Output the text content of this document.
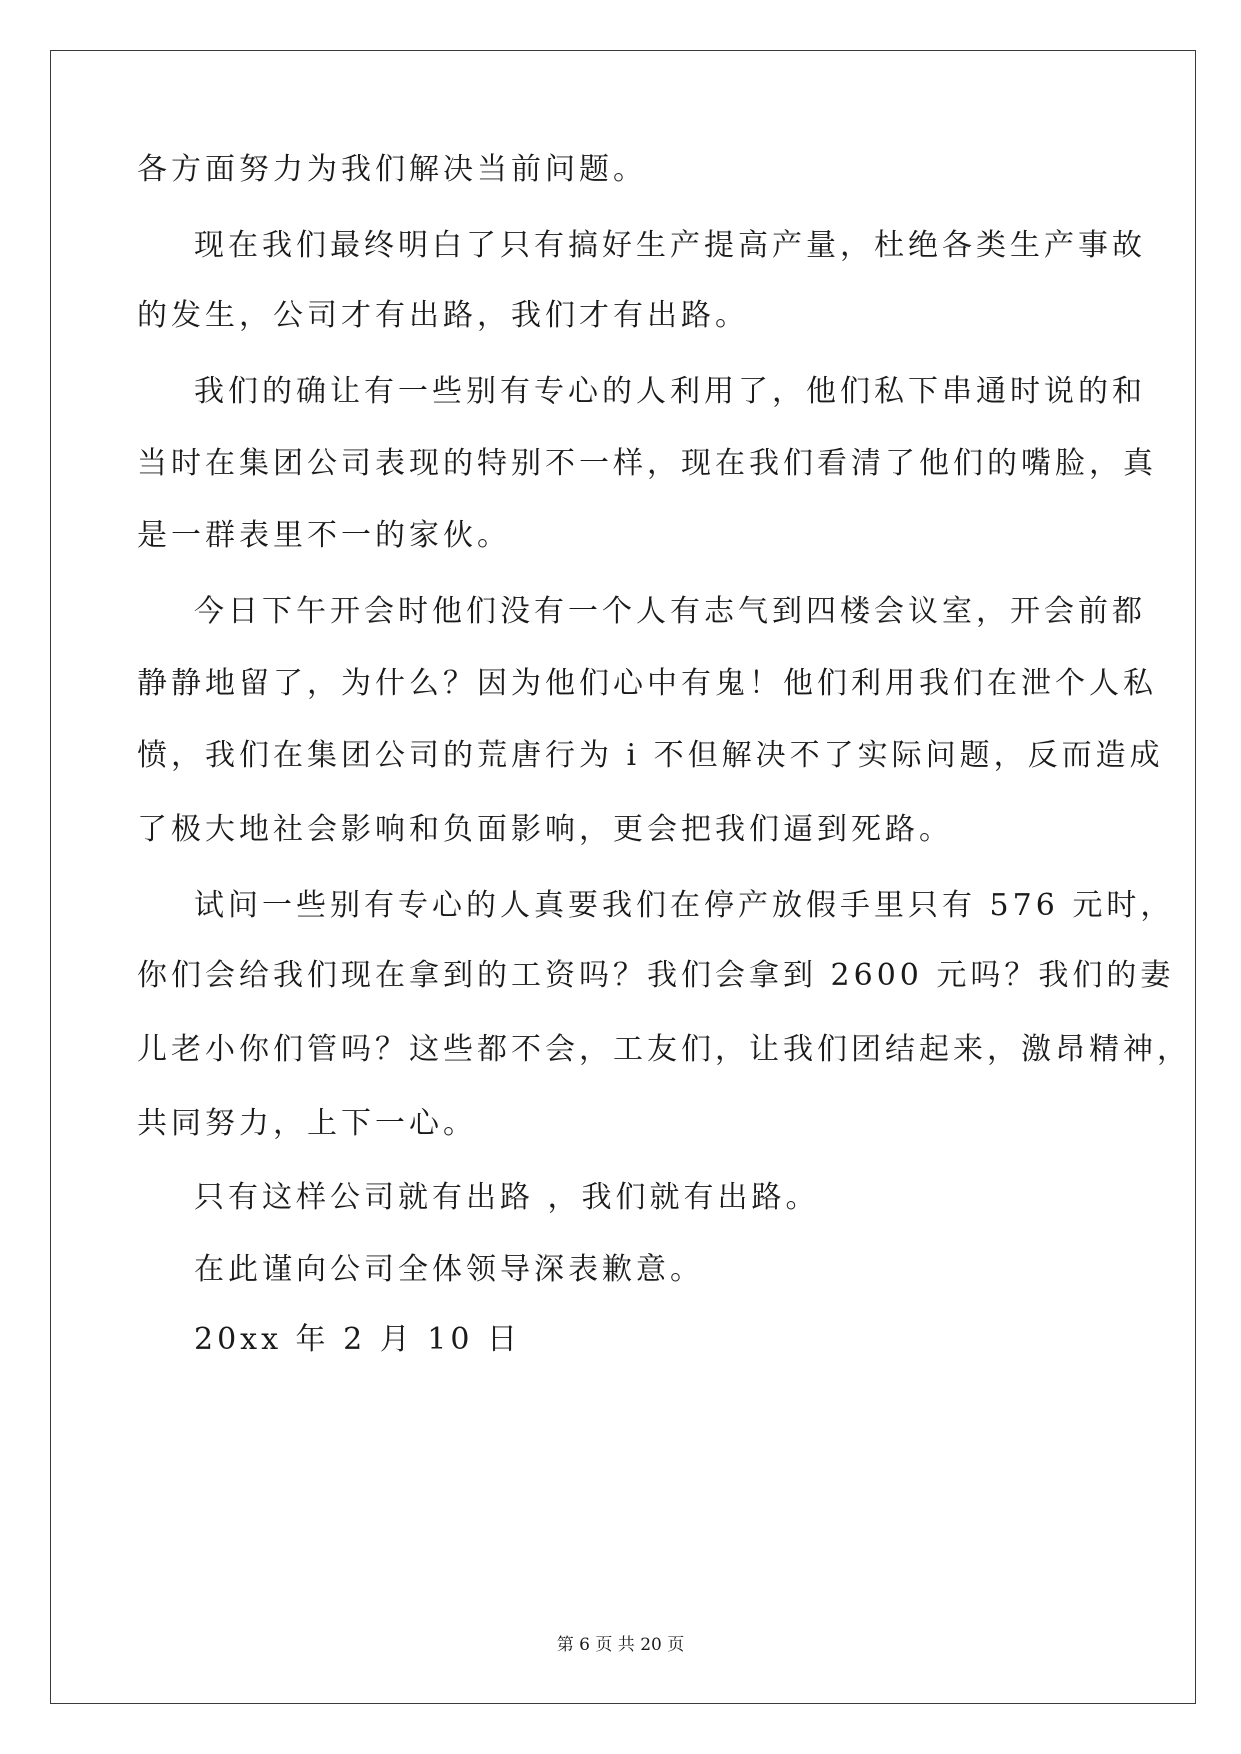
各方面努力为我们解决当前问题。
现在我们最终明白了只有搞好生产提高产量，杜绝各类生产事故
的发生，公司才有出路，我们才有出路。
我们的确让有一些别有专心的人利用了，他们私下串通时说的和
当时在集团公司表现的特别不一样，现在我们看清了他们的嘴脸，真
是一群表里不一的家伙。
今日下午开会时他们没有一个人有志气到四楼会议室，开会前都
静静地留了，为什么？因为他们心中有鬼！他们利用我们在泄个人私
愤，我们在集团公司的荒唐行为 i 不但解决不了实际问题，反而造成
了极大地社会影响和负面影响，更会把我们逼到死路。
试问一些别有专心的人真要我们在停产放假手里只有 576 元时，
你们会给我们现在拿到的工资吗？我们会拿到 2600 元吗？我们的妻
儿老小你们管吗？这些都不会，工友们，让我们团结起来，激昂精神，
共同努力，上下一心。
只有这样公司就有出路 ，我们就有出路。
在此谨向公司全体领导深表歉意。
20xx 年 2 月 10 日
第 6 页 共 20 页
